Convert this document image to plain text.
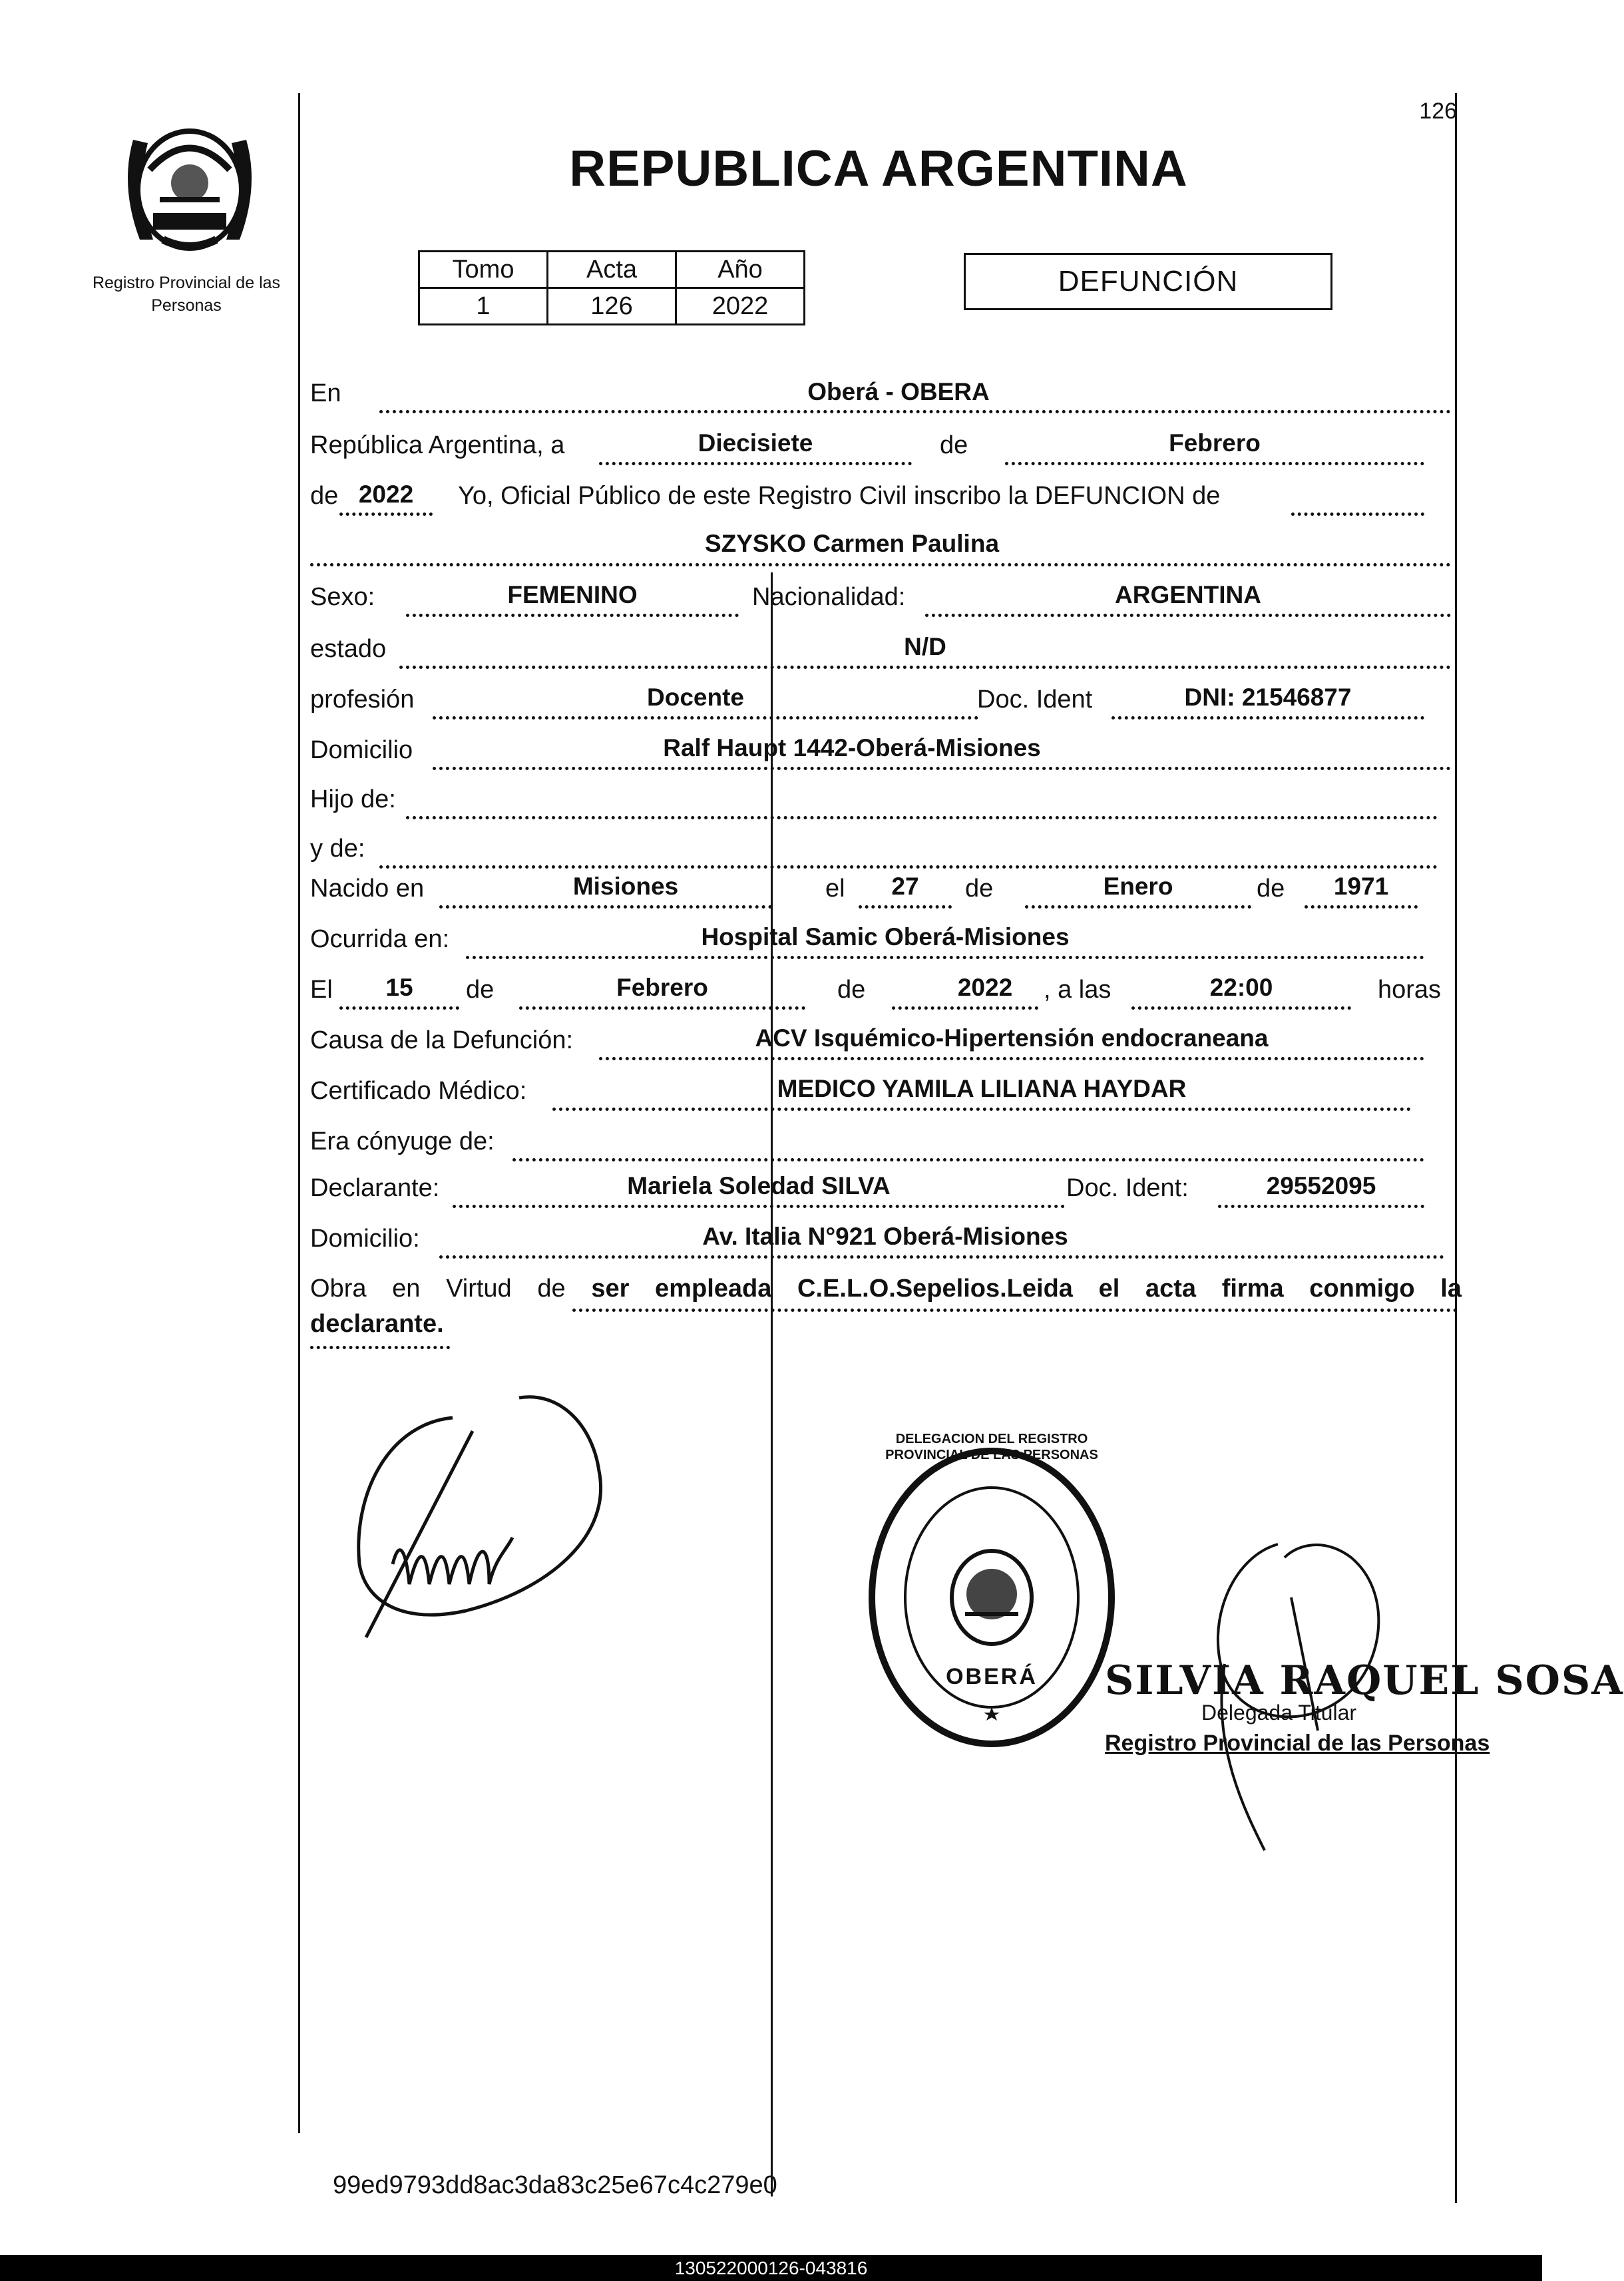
Registro Provincial de las Personas
126
REPUBLICA ARGENTINA
Tomo	Acta	Año
1	126	2022
DEFUNCIÓN
En	Oberá - OBERA
República Argentina, a	Diecisiete	de	Febrero
de 2022	Yo, Oficial Público de este Registro Civil inscribo la DEFUNCION de
SZYSKO Carmen Paulina
Sexo:	FEMENINO	Nacionalidad:	ARGENTINA
estado	N/D
profesión	Docente	Doc. Ident	DNI: 21546877
Domicilio	Ralf Haupt 1442-Oberá-Misiones
Hijo de:
y de:
Nacido en	Misiones	el	27	de	Enero	de	1971
Ocurrida en:	Hospital Samic Oberá-Misiones
El	15	de	Febrero	de	2022	, a las	22:00	horas
Causa de la Defunción:	ACV Isquémico-Hipertensión endocraneana
Certificado Médico:	MEDICO YAMILA LILIANA HAYDAR
Era cónyuge de:
Declarante:	Mariela Soledad SILVA	Doc. Ident:	29552095
Domicilio:	Av. Italia N°921 Oberá-Misiones
Obra en Virtud de ser empleada C.E.L.O.Sepelios.Leida el acta firma conmigo la
declarante.
DELEGACION DEL REGISTRO PROVINCIAL DE LAS PERSONAS
OBERÁ SILVIA RAQUEL SOSA
Delegada Titular
Registro Provincial de las Personas
99ed9793dd8ac3da83c25e67c4c279e0
130522000126-043816
